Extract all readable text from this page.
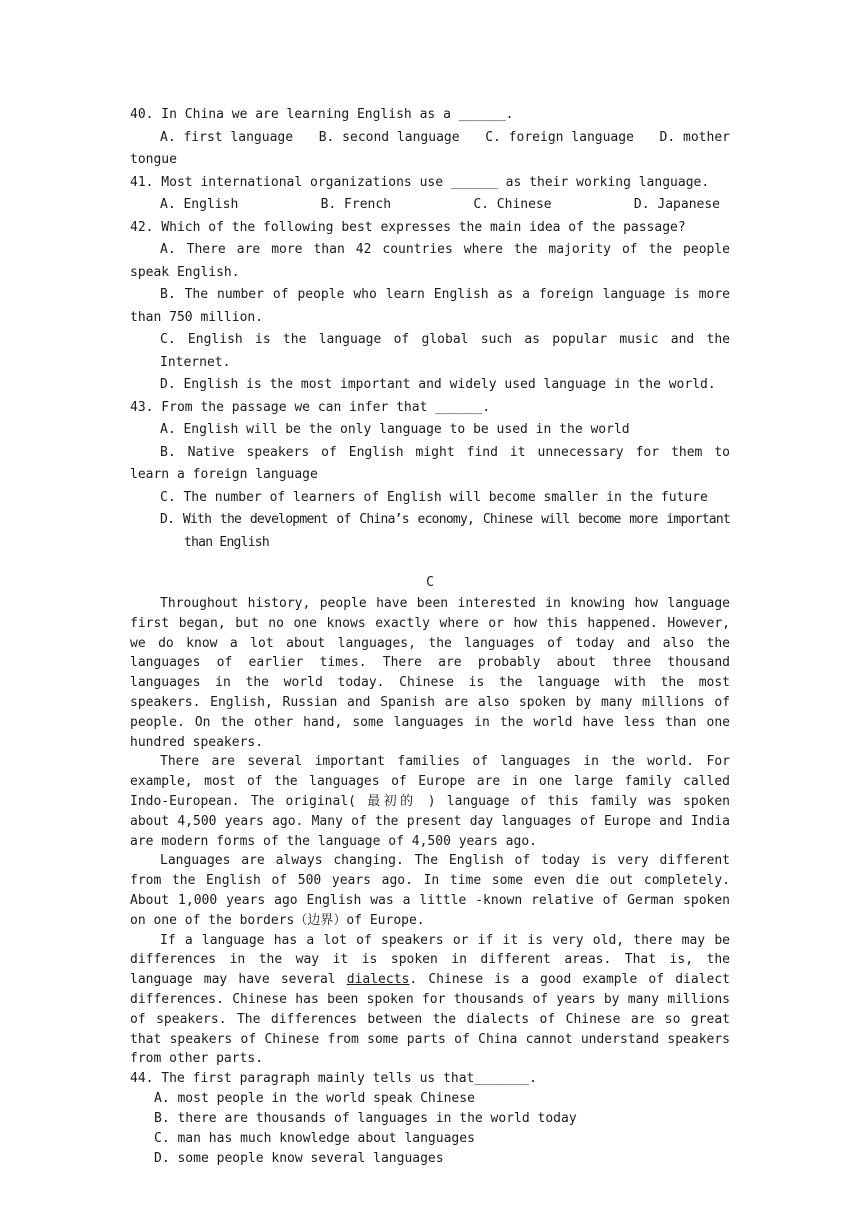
40. In China we are learning English as a ______.

A. first language B. second language C. foreign language D. mother

tongue

41. Most international organizations use ______ as their working language.

A. English	B. French	C. Chinese	D. Japanese

42. Which of the following best expresses the main idea of the passage?

A. There are more than 42 countries where the majority of the people speak English.

B. The number of people who learn English as a foreign language is more than 750 million.

C. English is the language of global such as popular music and the Internet.

D. English is the most important and widely used language in the world.

43. From the passage we can infer that ______.

A. English will be the only language to be used in the world

B. Native speakers of English might find it unnecessary for them to learn a foreign language

C. The number of learners of English will become smaller in the future

D. With the development of China’s economy, Chinese will become more important than English

C

Throughout history, people have been interested in knowing how language first began, but no one knows exactly where or how this happened. However, we do know a lot about languages, the languages of today and also the languages of earlier times. There are probably about three thousand languages in the world today. Chinese is the language with the most speakers. English, Russian and Spanish are also spoken by many millions of people. On the other hand, some languages in the world have less than one hundred speakers.

There are several important families of languages in the world. For example, most of the languages of Europe are in one large family called Indo-European. The original( 最初的 ) language of this family was spoken about 4,500 years ago. Many of the present day languages of Europe and India are modern forms of the language of 4,500 years ago.

Languages are always changing. The English of today is very different from the English of 500 years ago. In time some even die out completely. About 1,000 years ago English was a little -known relative of German spoken on one of the borders（边界）of Europe.

If a language has a lot of speakers or if it is very old, there may be differences in the way it is spoken in different areas. That is, the language may have several dialects. Chinese is a good example of dialect differences. Chinese has been spoken for thousands of years by many millions of speakers. The differences between the dialects of Chinese are so great that speakers of Chinese from some parts of China cannot understand speakers from other parts.

44. The first paragraph mainly tells us that_______.

A. most people in the world speak Chinese

B. there are thousands of languages in the world today

C. man has much knowledge about languages

D. some people know several languages
